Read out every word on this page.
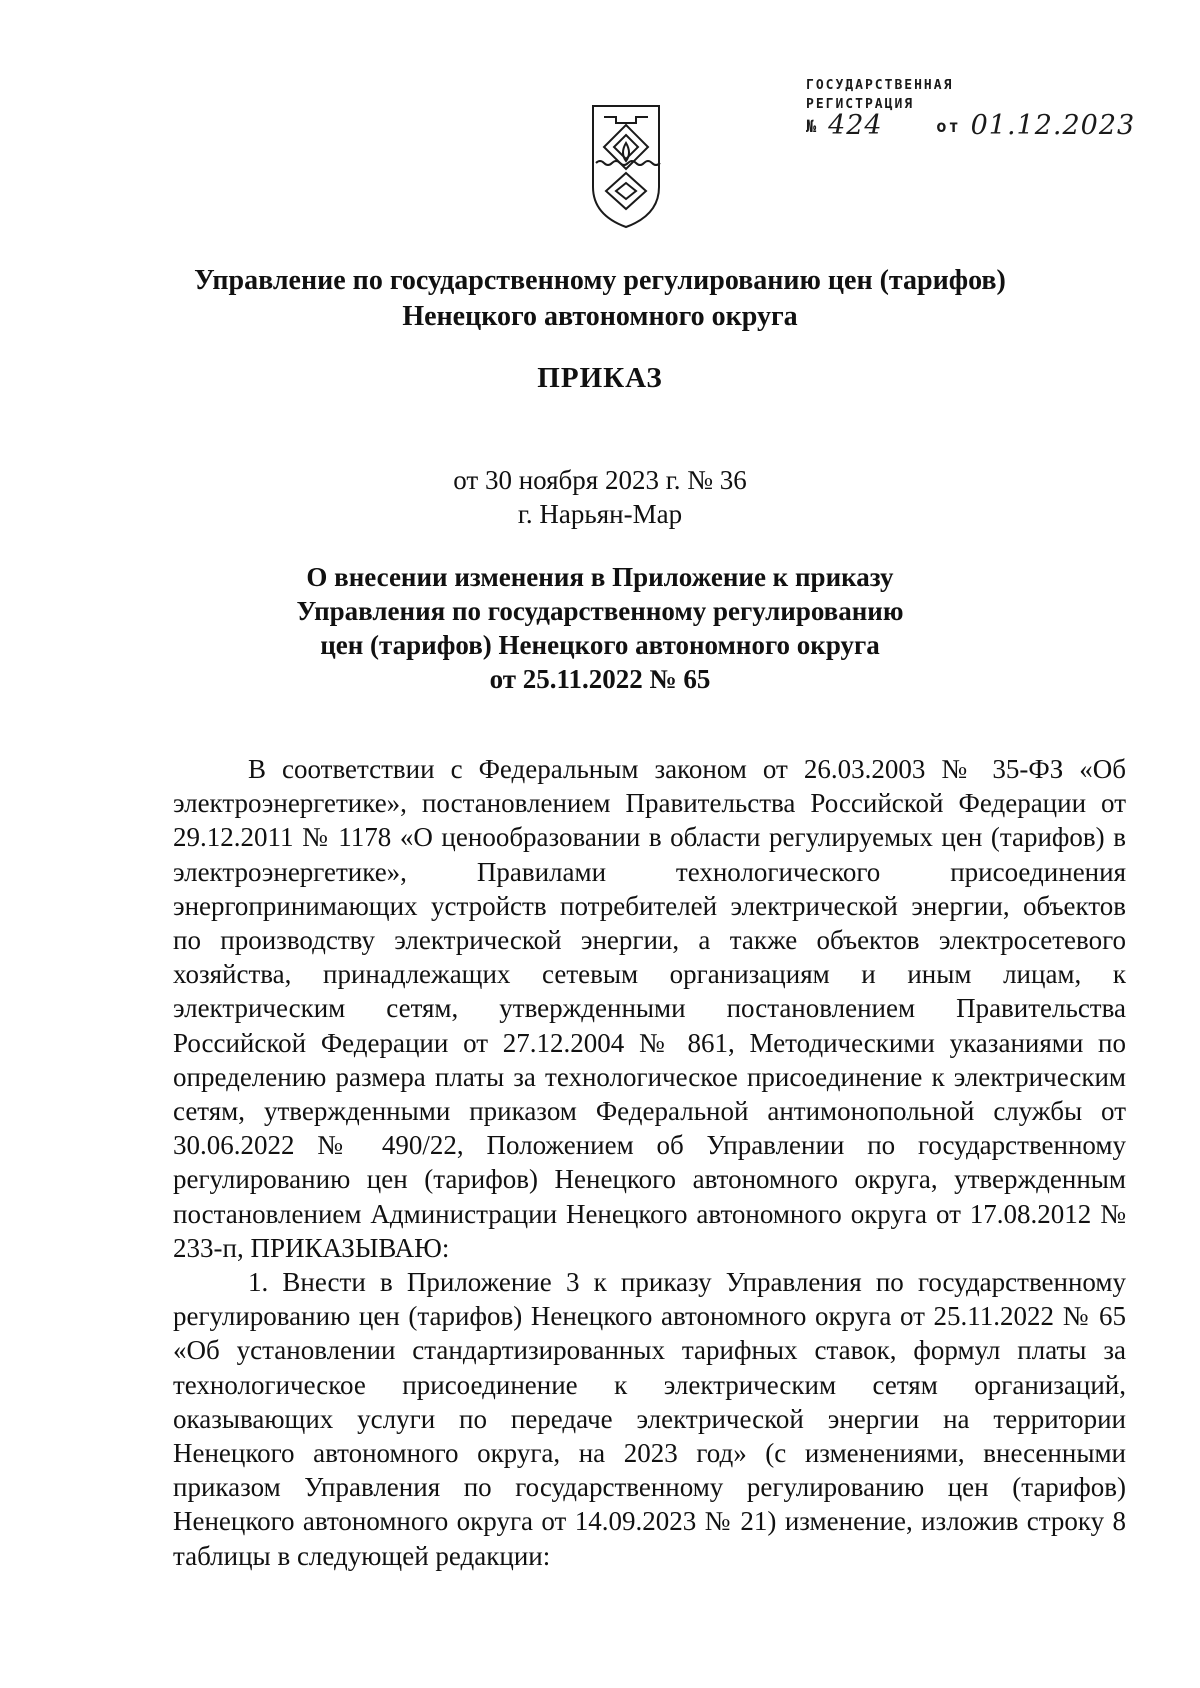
ГОСУДАРСТВЕННАЯ
РЕГИСТРАЦИЯ
№ 424	от 01.12.2023
Управление по государственному регулированию цен (тарифов)
Ненецкого автономного округа
ПРИКАЗ
от 30 ноября 2023 г. № 36
г. Нарьян-Мар
О внесении изменения в Приложение к приказу
Управления по государственному регулированию
цен (тарифов) Ненецкого автономного округа
от 25.11.2022 № 65

В соответствии с Федеральным законом от 26.03.2003 № 35-ФЗ «Об электроэнергетике», постановлением Правительства Российской Федерации от 29.12.2011 № 1178 «О ценообразовании в области регулируемых цен (тарифов) в электроэнергетике», Правилами технологического присоединения энергопринимающих устройств потребителей электрической энергии, объектов по производству электрической энергии, а также объектов электросетевого хозяйства, принадлежащих сетевым организациям и иным лицам, к электрическим сетям, утвержденными постановлением Правительства Российской Федерации от 27.12.2004 № 861, Методическими указаниями по определению размера платы за технологическое присоединение к электрическим сетям, утвержденными приказом Федеральной антимонопольной службы от 30.06.2022 № 490/22, Положением об Управлении по государственному регулированию цен (тарифов) Ненецкого автономного округа, утвержденным постановлением Администрации Ненецкого автономного округа от 17.08.2012 № 233-п, ПРИКАЗЫВАЮ:

1. Внести в Приложение 3 к приказу Управления по государственному регулированию цен (тарифов) Ненецкого автономного округа от 25.11.2022 № 65 «Об установлении стандартизированных тарифных ставок, формул платы за технологическое присоединение к электрическим сетям организаций, оказывающих услуги по передаче электрической энергии на территории Ненецкого автономного округа, на 2023 год» (с изменениями, внесенными приказом Управления по государственному регулированию цен (тарифов) Ненецкого автономного округа от 14.09.2023 № 21) изменение, изложив строку 8 таблицы в следующей редакции:
